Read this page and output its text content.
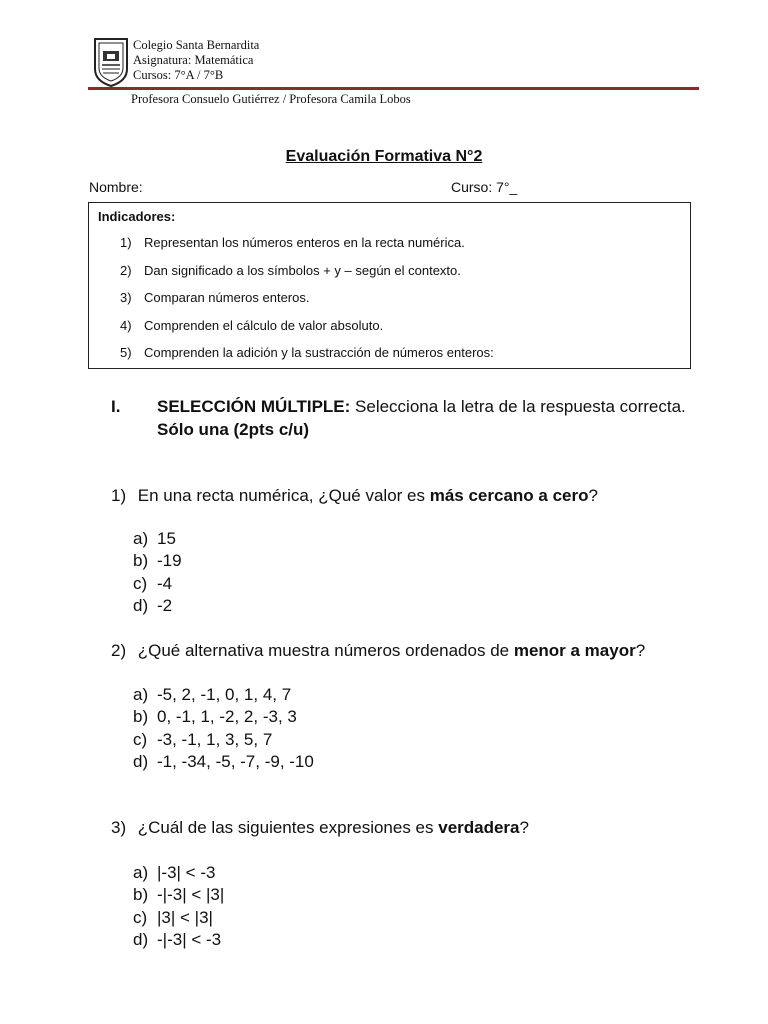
Colegio Santa Bernardita
Asignatura: Matemática
Cursos: 7°A / 7°B
Profesora Consuelo Gutiérrez / Profesora Camila Lobos
Evaluación Formativa N°2
Nombre:	Curso: 7°_
Indicadores:
1) Representan los números enteros en la recta numérica.
2) Dan significado a los símbolos + y – según el contexto.
3) Comparan números enteros.
4) Comprenden el cálculo de valor absoluto.
5) Comprenden la adición y la sustracción de números enteros:
I. SELECCIÓN MÚLTIPLE: Selecciona la letra de la respuesta correcta.
Sólo una (2pts c/u)
1) En una recta numérica, ¿Qué valor es más cercano a cero?
a) 15
b) -19
c) -4
d) -2
2) ¿Qué alternativa muestra números ordenados de menor a mayor?
a) -5, 2, -1, 0, 1, 4, 7
b) 0, -1, 1, -2, 2, -3, 3
c) -3, -1, 1, 3, 5, 7
d) -1, -34, -5, -7, -9, -10
3) ¿Cuál de las siguientes expresiones es verdadera?
a) |-3| < -3
b) -|-3| < |3|
c) |3| < |3|
d) -|-3| < -3
